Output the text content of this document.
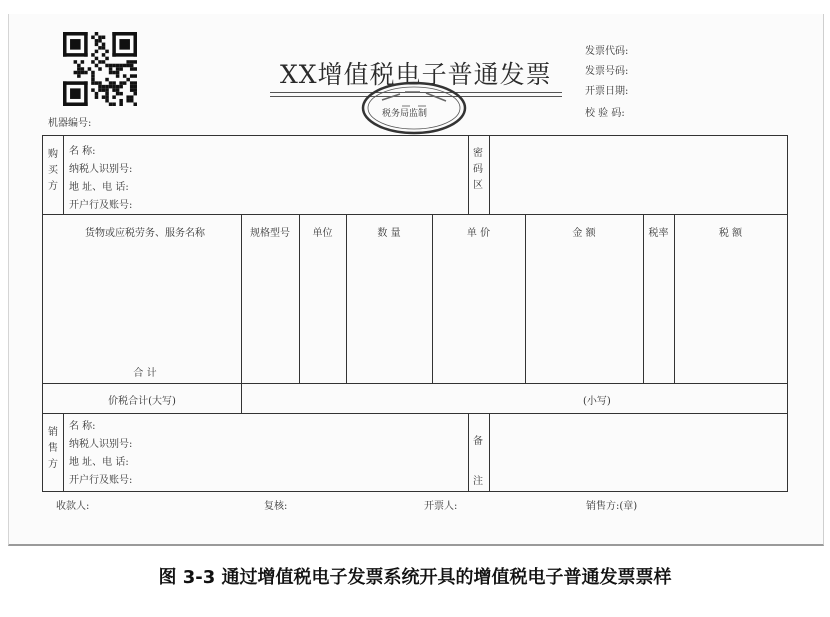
机器编号:
XX增值税电子普通发票
税务局监制
发票代码:
发票号码:
开票日期:
校 验 码:
购买方
名 称:
纳税人识别号:
地 址、电 话:
开户行及账号:
密码区
货物或应税劳务、服务名称	规格型号	单位	数 量	单 价	金 额	税率	税 额
合 计
价税合计(大写)	(小写)
销售方
名 称:
纳税人识别号:
地 址、电 话:
开户行及账号:
备注
收款人:	复核:	开票人:	销售方:(章)
图 3-3 通过增值税电子发票系统开具的增值税电子普通发票票样
